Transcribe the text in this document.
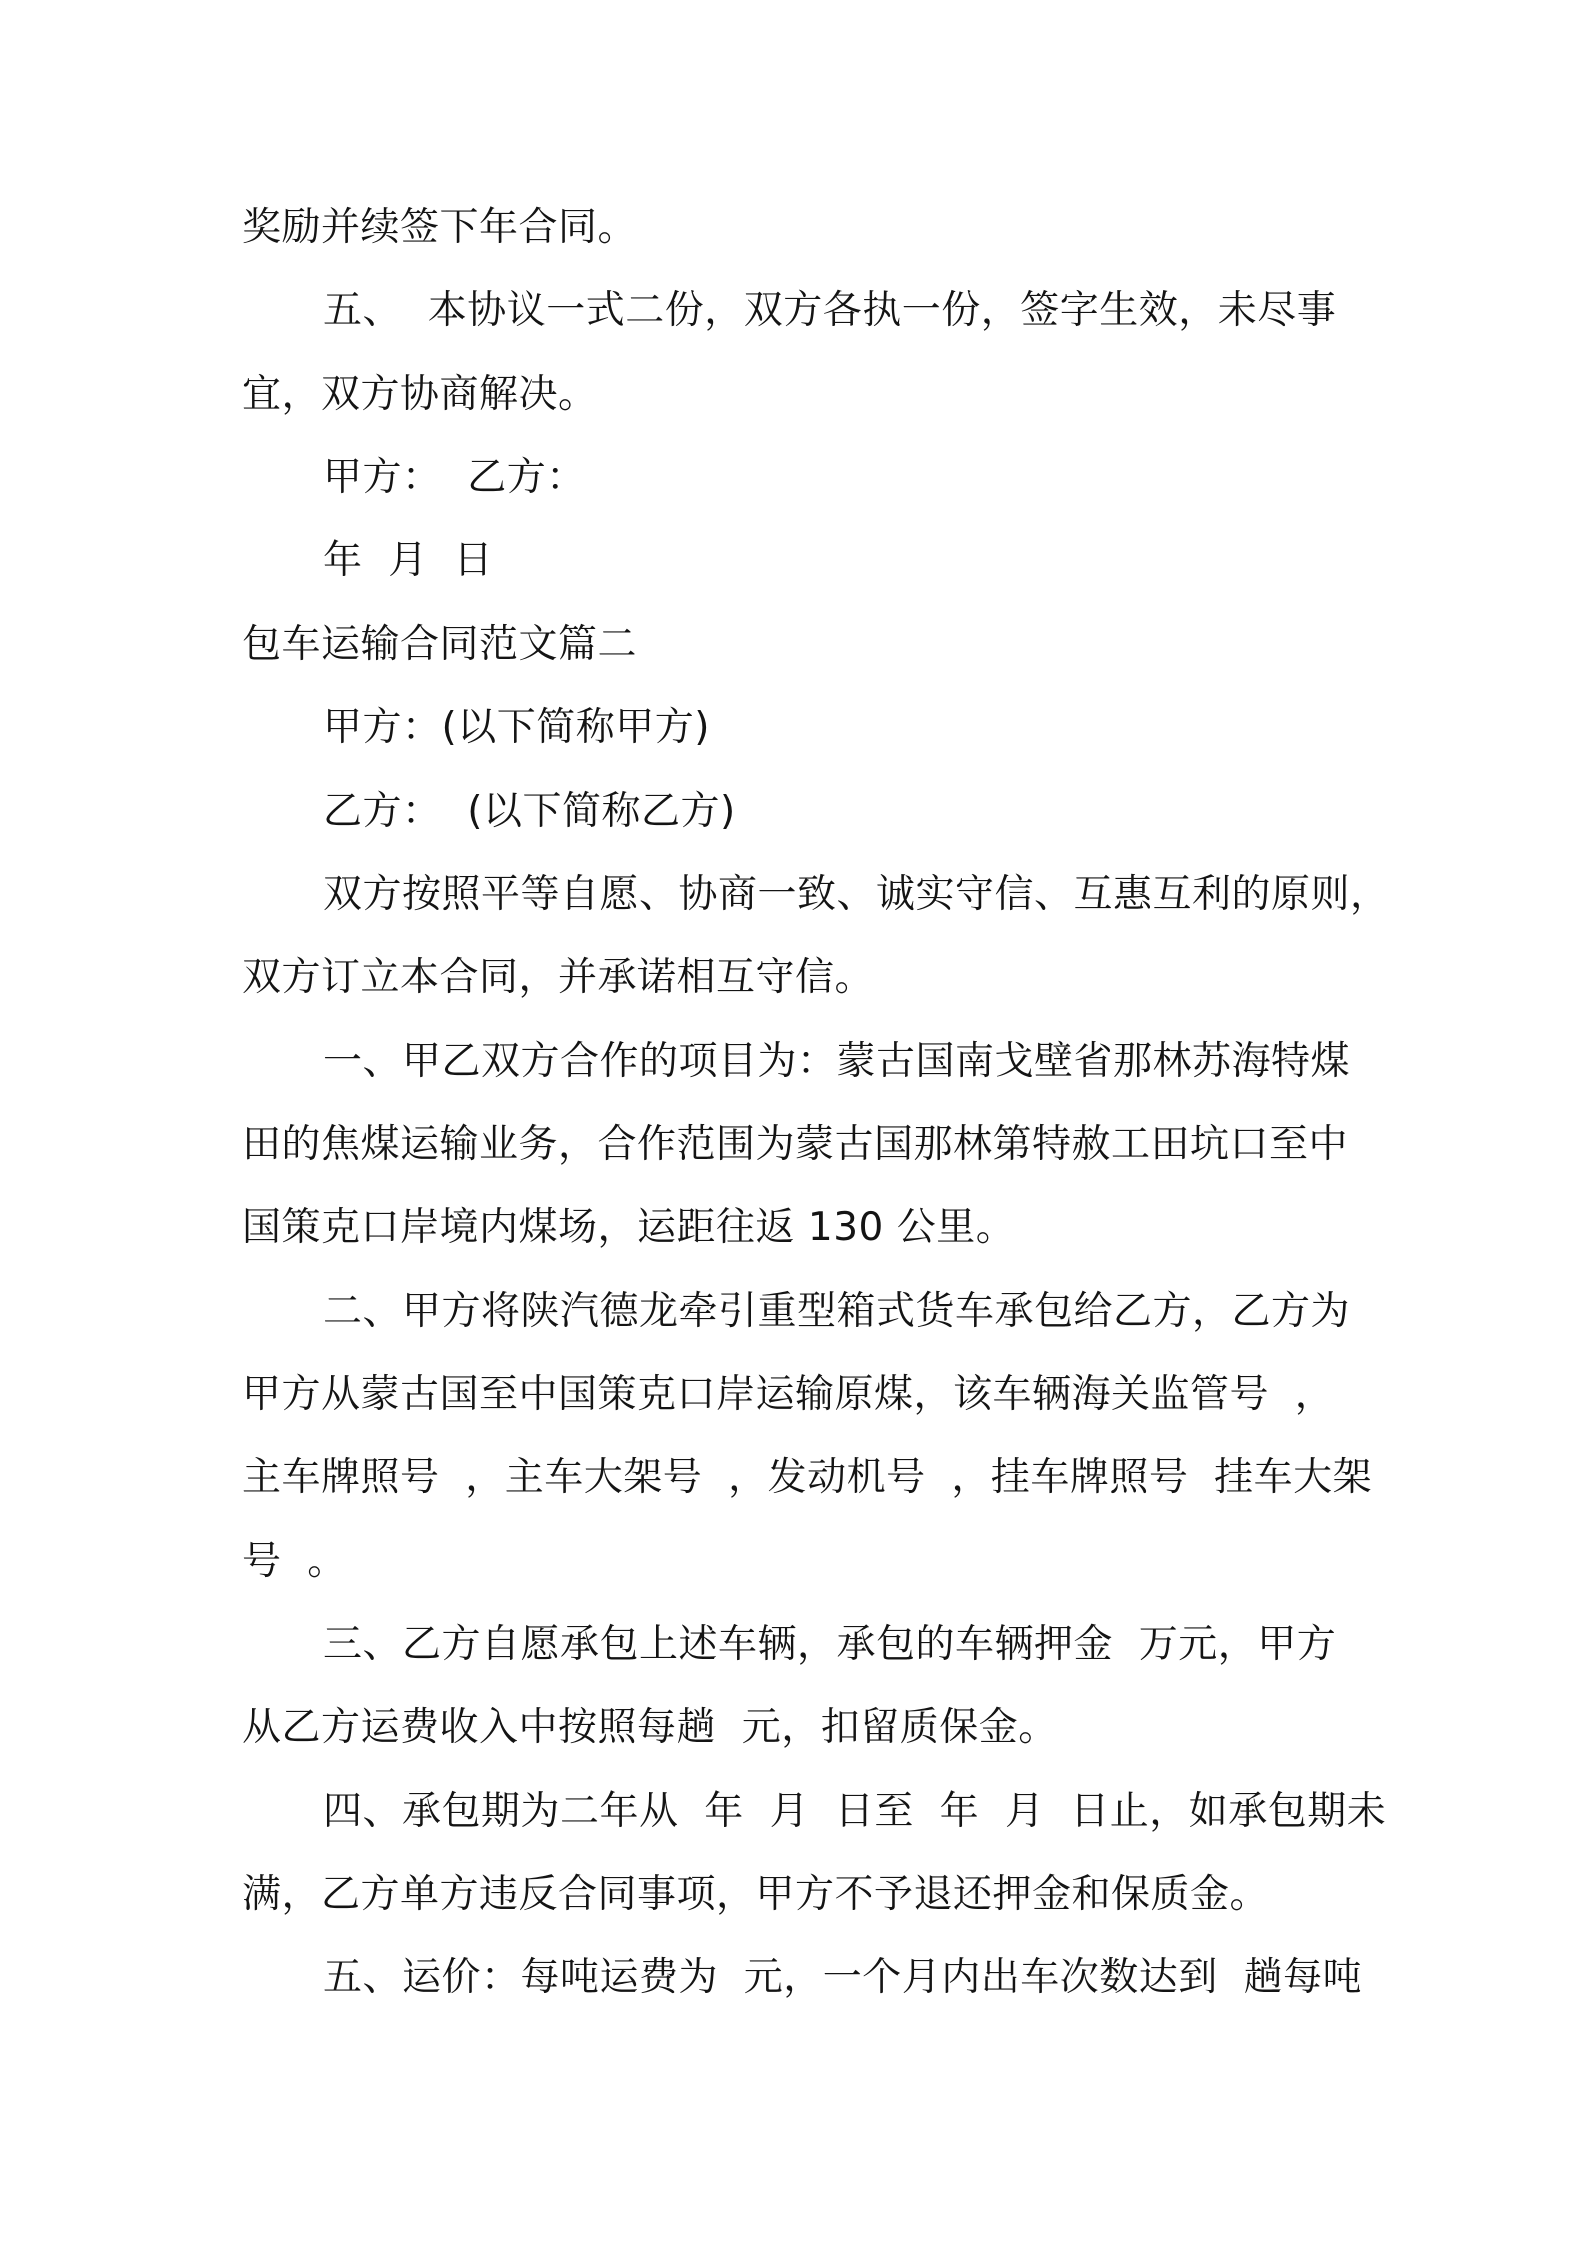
奖励并续签下年合同。
五、  本协议一式二份，双方各执一份，签字生效，未尽事
宜，双方协商解决。
甲方：  乙方：
年  月  日
包车运输合同范文篇二
甲方：(以下简称甲方)
乙方：  (以下简称乙方)
双方按照平等自愿、协商一致、诚实守信、互惠互利的原则，
双方订立本合同，并承诺相互守信。
一、甲乙双方合作的项目为：蒙古国南戈壁省那林苏海特煤
田的焦煤运输业务，合作范围为蒙古国那林第特赦工田坑口至中
国策克口岸境内煤场，运距往返 130 公里。
二、甲方将陕汽德龙牵引重型箱式货车承包给乙方，乙方为
甲方从蒙古国至中国策克口岸运输原煤，该车辆海关监管号  ，
主车牌照号  ，主车大架号  ，发动机号  ，挂车牌照号  挂车大架
号  。
三、乙方自愿承包上述车辆，承包的车辆押金  万元，甲方
从乙方运费收入中按照每趟  元，扣留质保金。
四、承包期为二年从  年  月  日至  年  月  日止，如承包期未
满，乙方单方违反合同事项，甲方不予退还押金和保质金。
五、运价：每吨运费为  元，一个月内出车次数达到  趟每吨
